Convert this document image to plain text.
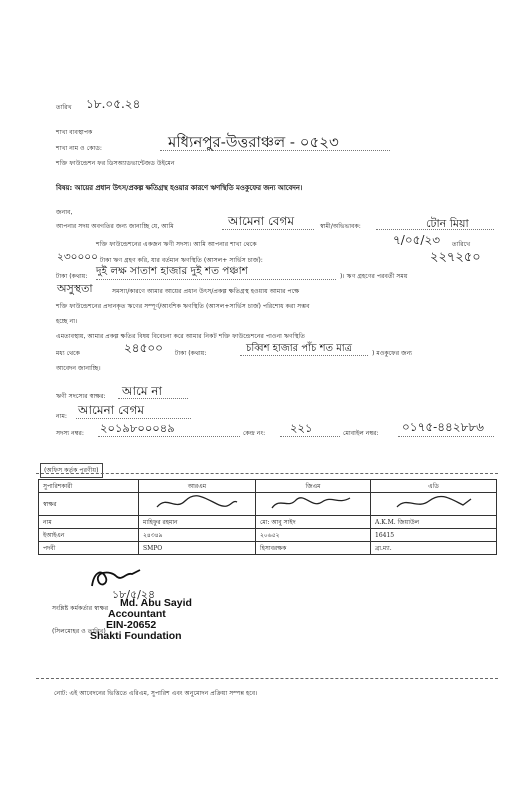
তারিখ ১৮.০৫.২৪
শাখা ব্যবস্থাপক
শাখা নাম ও কোড:	মধ্যিনপুর-উত্তরাঞ্চল - ০৫২৩
শক্তি ফাউন্ডেশন ফর ডিসঅ্যাডভান্টেজড উইমেন
বিষয়: আয়ের প্রধান উৎস/প্রকল্প ক্ষতিগ্রস্থ হওয়ার কারণে ঋণস্থিতি মওকুফের জন্য আবেদন।
জনাব,
আপনার সদয় অবগতির জন্য জানাচ্ছি যে, আমি	আমেনা বেগম	স্বামী/অভিভাবক:	টোন মিয়া
শক্তি ফাউন্ডেশনের একজন ঋণী সদস্য। আমি আপনার শাখা থেকে	৭/০৫/২৩ তারিখে
২৩০০০০ টাকা ঋণ গ্রহণ করি, যার বর্তমান ঋণস্থিতি (আসল+ সার্ভিস চার্জ):	২২৭২৫০
টাকা (কথায়: দুই লক্ষ সাতাশ হাজার দুই শত পঞ্চাশ	)। ঋণ গ্রহণের পরবর্তী সময়
অসুস্থতা	সমস্যা/কারণে আমার আয়ের প্রধান উৎস/প্রকল্প ক্ষতিগ্রস্থ হওয়ায় আমার পক্ষে
শক্তি ফাউন্ডেশনের প্রদানকৃত ঋণের সম্পূর্ণ/আংশিক ঋণস্থিতি (আসল+সার্ভিস চার্জ) পরিশোধ করা সম্ভব
হচ্ছে না।
এমতাবস্থায়, আমার প্রকল্প ক্ষতির বিষয় বিবেচনা করে আমার নিকট শক্তি ফাউন্ডেশনের পাওনা ঋণস্থিতি
মধ্য থেকে	২৪৫০০ টাকা (কথায়:	চব্বিশ হাজার পাঁচ শত মাত্র	) মওকুফের জন্য
আবেদন জানাচ্ছি।
ঋণী সদস্যের স্বাক্ষর: আমে না
নাম: আমেনা বেগম
সদস্য নম্বর: ২০১৯৮০০০৪৯	কেন্দ্র নং: ২২১	মোবাইল নম্বর: ০১৭৫-৪৪২৮৮৬
(অফিস কর্তৃক পূরণীয়)
সুপারিশকারী	আরএম	জিএম	এডি
স্বাক্ষর			
নাম	মাহিফুর রহমান	মো: আবু সাইদ	A.K.M. জিয়াউল
ইআইএন	২৪৩৪৯	২০৬৫২	16415
পদবী	SMPO	হিসাবরক্ষক	ব্রা.ম্যা.
১৮/৫/২৪
সংশ্লিষ্ট কর্মকর্তার স্বাক্ষর
(সিলমোহর ও তারিখ)
Md. Abu Sayid
Accountant
EIN-20652
Shakti Foundation
নোট: এই আবেদনের ভিত্তিতে এরিএম, সুপারিশ এবং অনুমোদন প্রক্রিয়া সম্পন্ন হবে।
